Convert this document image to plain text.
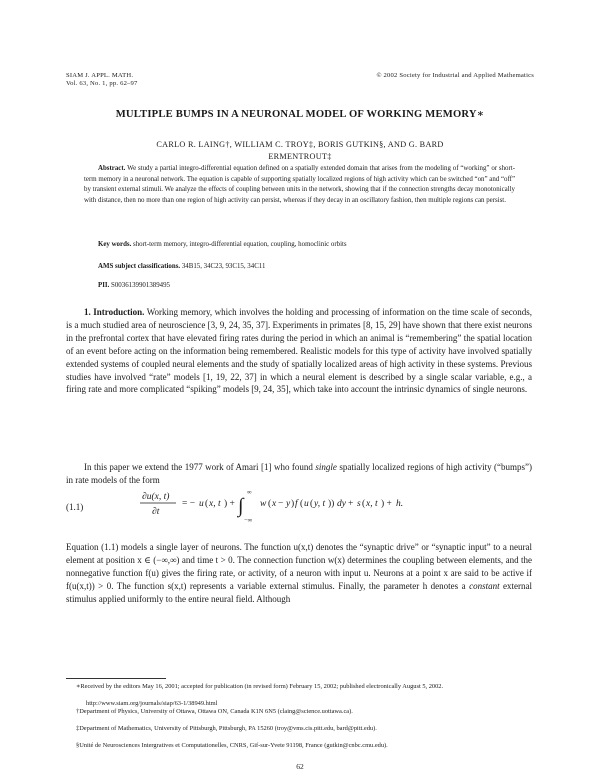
SIAM J. APPL. MATH.
Vol. 63, No. 1, pp. 62–97
© 2002 Society for Industrial and Applied Mathematics
MULTIPLE BUMPS IN A NEURONAL MODEL OF WORKING MEMORY∗
CARLO R. LAING†, WILLIAM C. TROY‡, BORIS GUTKIN§, AND G. BARD
ERMENTROUT‡
Abstract. We study a partial integro-differential equation defined on a spatially extended domain that arises from the modeling of “working” or short-term memory in a neuronal network. The equation is capable of supporting spatially localized regions of high activity which can be switched “on” and “off” by transient external stimuli. We analyze the effects of coupling between units in the network, showing that if the connection strengths decay monotonically with distance, then no more than one region of high activity can persist, whereas if they decay in an oscillatory fashion, then multiple regions can persist.
Key words. short-term memory, integro-differential equation, coupling, homoclinic orbits
AMS subject classifications. 34B15, 34C23, 93C15, 34C11
PII. S0036139901389495
1. Introduction. Working memory, which involves the holding and processing of information on the time scale of seconds, is a much studied area of neuroscience [3, 9, 24, 35, 37]. Experiments in primates [8, 15, 29] have shown that there exist neurons in the prefrontal cortex that have elevated firing rates during the period in which an animal is “remembering” the spatial location of an event before acting on the information being remembered. Realistic models for this type of activity have involved spatially extended systems of coupled neural elements and the study of spatially localized areas of high activity in these systems. Previous studies have involved “rate” models [1, 19, 22, 37] in which a neural element is described by a single scalar variable, e.g., a firing rate and more complicated “spiking” models [9, 24, 35], which take into account the intrinsic dynamics of single neurons.
In this paper we extend the 1977 work of Amari [1] who found single spatially localized regions of high activity (“bumps”) in rate models of the form
(1.1)
∂u(x, t)
∂t
= − u ( x, t ) + ∫
∞
−∞
w ( x − y ) f ( u ( y, t )) dy + s ( x, t ) + h.
Equation (1.1) models a single layer of neurons. The function u(x,t) denotes the “synaptic drive” or “synaptic input” to a neural element at position x ∈ (−∞,∞) and time t > 0. The connection function w(x) determines the coupling between elements, and the nonnegative function f(u) gives the firing rate, or activity, of a neuron with input u. Neurons at a point x are said to be active if f(u(x,t)) > 0. The function s(x,t) represents a variable external stimulus. Finally, the parameter h denotes a constant external stimulus applied uniformly to the entire neural field. Although
∗Received by the editors May 16, 2001; accepted for publication (in revised form) February 15, 2002; published electronically August 5, 2002.
http://www.siam.org/journals/siap/63-1/38949.html
†Department of Physics, University of Ottawa, Ottawa ON, Canada K1N 6N5 (claing@science.uottawa.ca).
‡Department of Mathematics, University of Pittsburgh, Pittsburgh, PA 15260 (troy@vms.cis.pitt.edu, bard@pitt.edu).
§Unité de Neurosciences Intergratives et Computationelles, CNRS, Gif-sur-Yvete 91198, France (gutkin@cnbc.cmu.edu).
62
